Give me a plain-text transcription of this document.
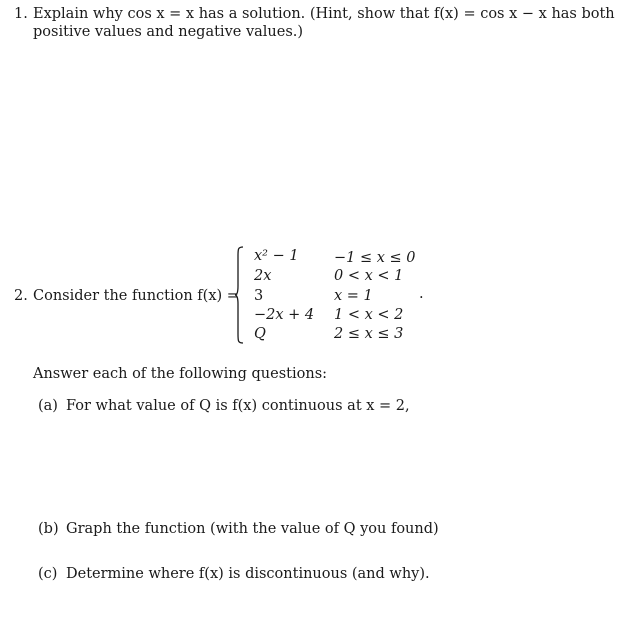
1. Explain why cos x = x has a solution. (Hint, show that f(x) = cos x − x has both
positive values and negative values.)
2. Consider the function f(x) =
x² − 1
2x
3
−2x + 4
Q
−1 ≤ x ≤ 0
0 < x < 1
x = 1
1 < x < 2
2 ≤ x ≤ 3
.
Answer each of the following questions:
(a) For what value of Q is f(x) continuous at x = 2,
(b) Graph the function (with the value of Q you found)
(c) Determine where f(x) is discontinuous (and why).
